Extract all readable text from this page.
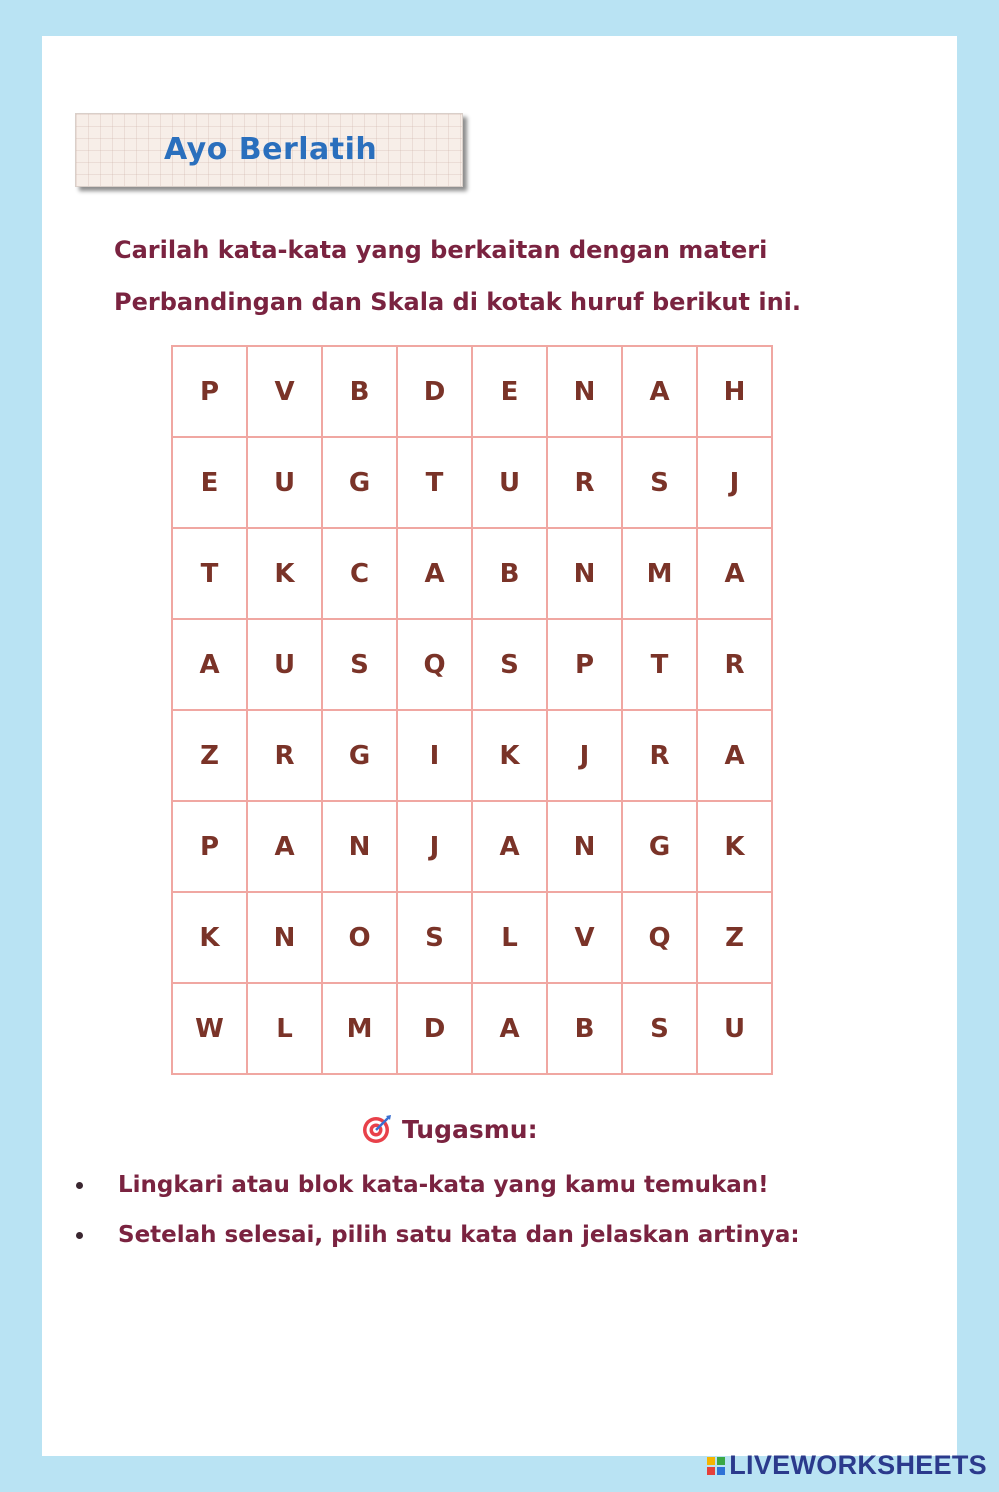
Ayo Berlatih
Carilah kata-kata yang berkaitan dengan materi
Perbandingan dan Skala di kotak huruf berikut ini.
P	V	B	D	E	N	A	H
E	U	G	T	U	R	S	J
T	K	C	A	B	N	M	A
A	U	S	Q	S	P	T	R
Z	R	G	I	K	J	R	A
P	A	N	J	A	N	G	K
K	N	O	S	L	V	Q	Z
W	L	M	D	A	B	S	U
Tugasmu:
Lingkari atau blok kata-kata yang kamu temukan!
Setelah selesai, pilih satu kata dan jelaskan artinya:
LIVEWORKSHEETS
